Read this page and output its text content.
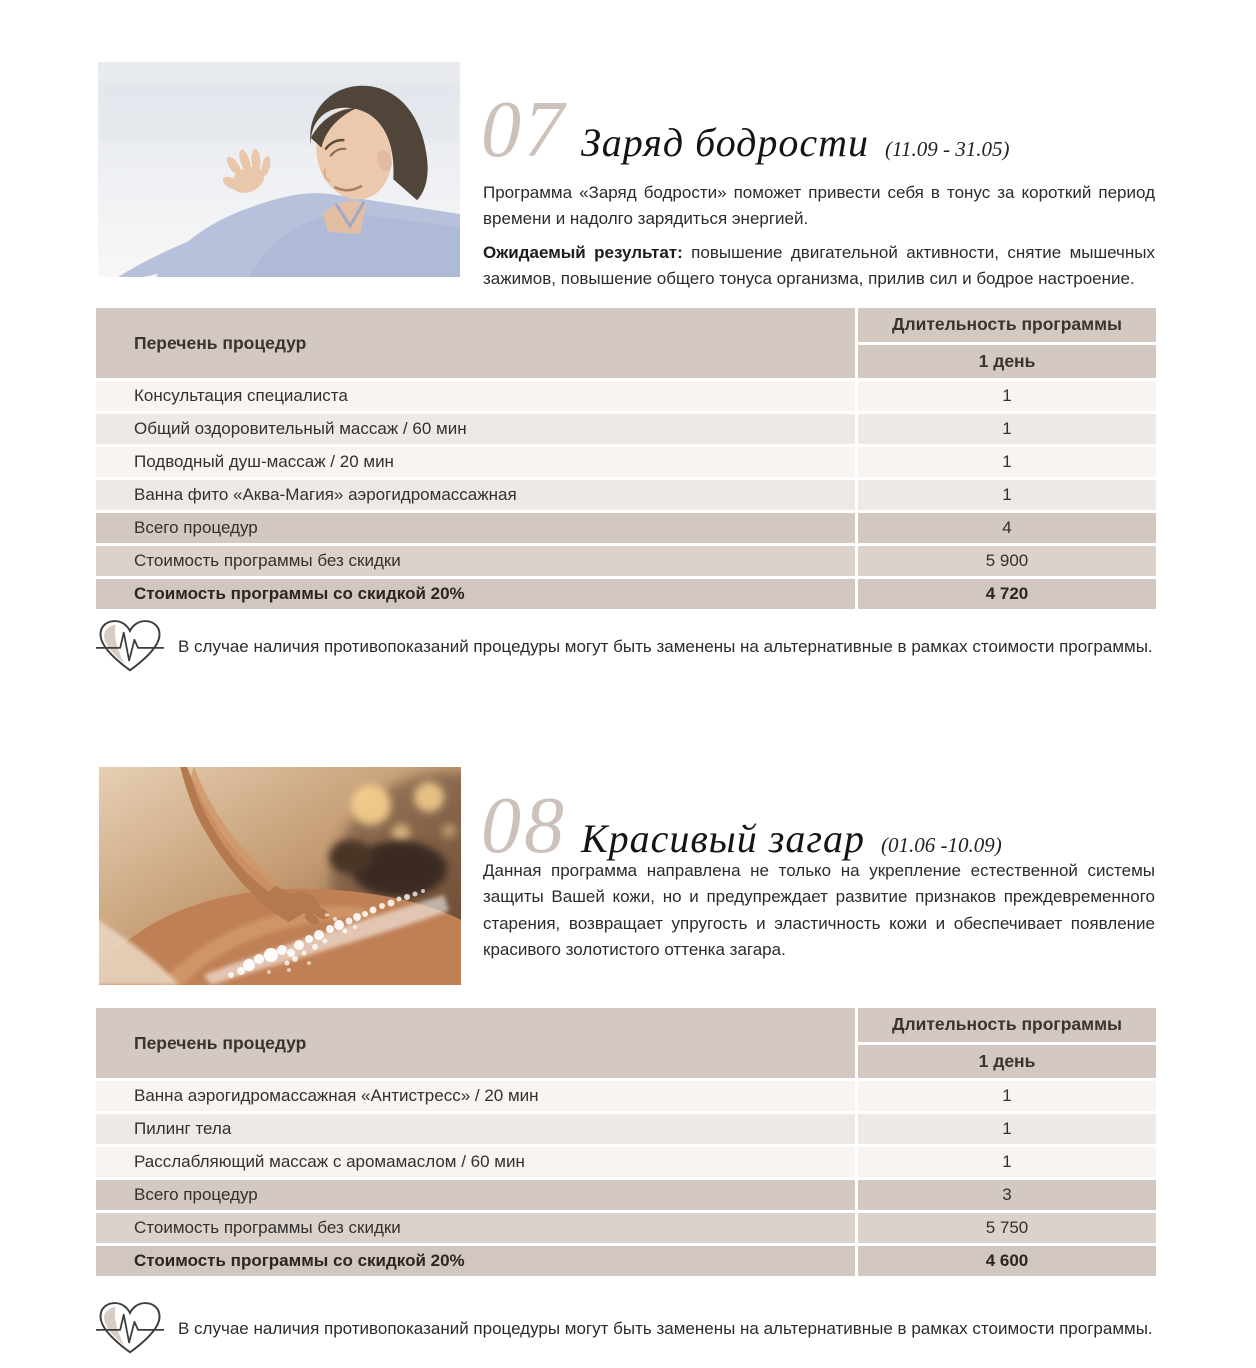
07 Заряд бодрости (11.09 - 31.05)
Программа «Заряд бодрости» поможет привести себя в тонус за короткий период времени и надолго зарядиться энергией.
Ожидаемый результат: повышение двигательной активности, снятие мышечных зажимов, повышение общего тонуса организма, прилив сил и бодрое настроение.
Перечень процедур
Длительность программы
1 день
Консультация специалиста	1
Общий оздоровительный массаж / 60 мин	1
Подводный душ-массаж / 20 мин	1
Ванна фито «Аква-Магия» аэрогидромассажная	1
Всего процедур	4
Стоимость программы без скидки	5 900
Стоимость программы со скидкой 20%	4 720
В случае наличия противопоказаний процедуры могут быть заменены на альтернативные в рамках стоимости программы.
08 Красивый загар (01.06 -10.09)
Данная программа направлена не только на укрепление естественной системы защиты Вашей кожи, но и предупреждает развитие признаков преждевременного старения, возвращает упругость и эластичность кожи и обеспечивает появление красивого золотистого оттенка загара.
Перечень процедур
Длительность программы
1 день
Ванна аэрогидромассажная «Антистресс» / 20 мин	1
Пилинг тела	1
Расслабляющий массаж с аромамаслом / 60 мин	1
Всего процедур	3
Стоимость программы без скидки	5 750
Стоимость программы со скидкой 20%	4 600
В случае наличия противопоказаний процедуры могут быть заменены на альтернативные в рамках стоимости программы.
